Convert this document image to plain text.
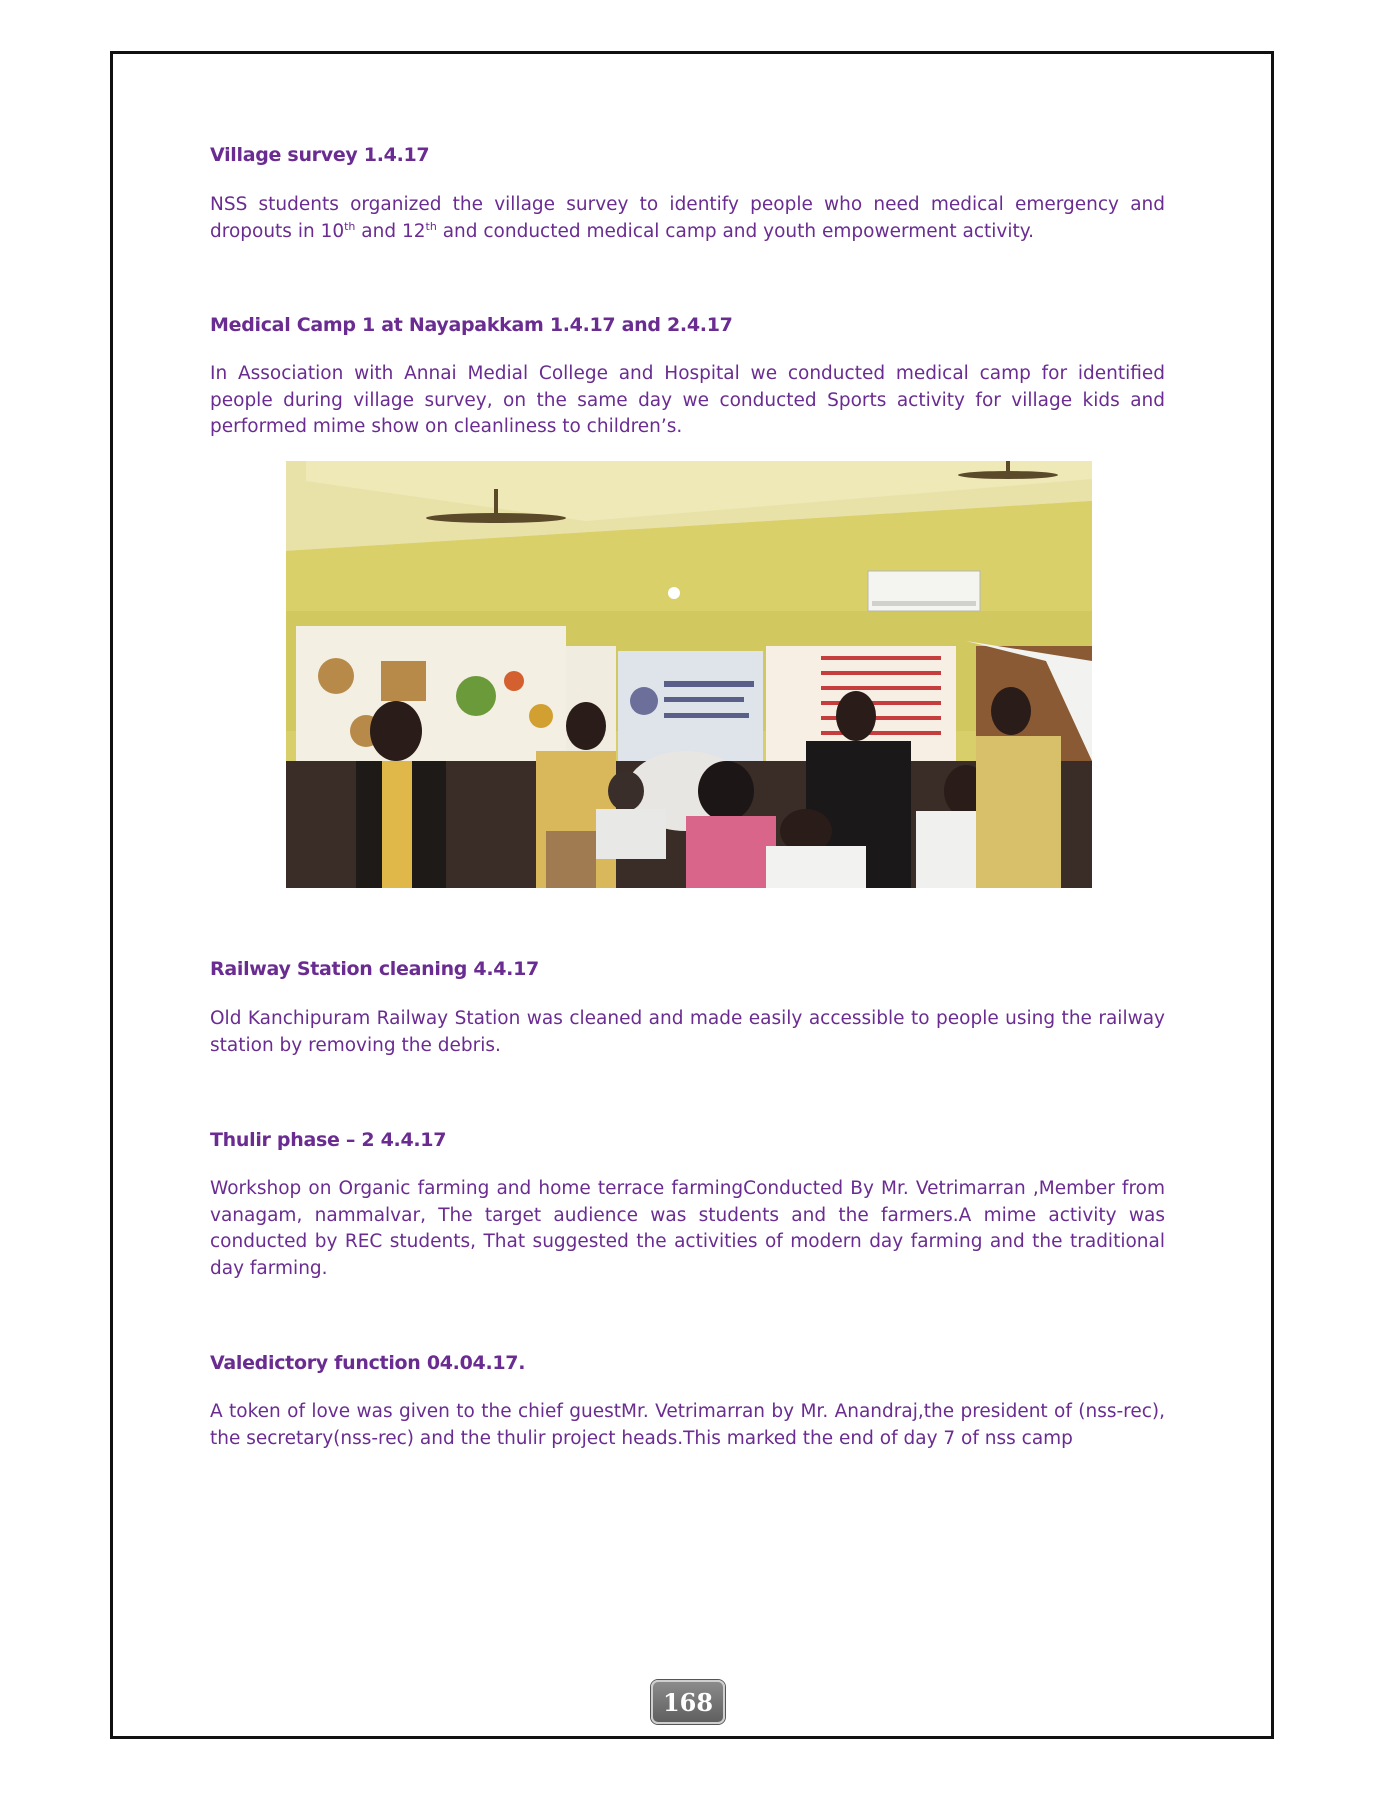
Village survey 1.4.17
NSS students organized the village survey to identify people who need medical emergency and dropouts in 10th and 12th and conducted medical camp and youth empowerment activity.
Medical Camp 1 at Nayapakkam 1.4.17 and 2.4.17
In Association with Annai Medial College and Hospital we conducted medical camp for identified people during village survey, on the same day we conducted Sports activity for village kids and performed mime show on cleanliness to children’s.
Railway Station cleaning 4.4.17
Old Kanchipuram Railway Station was cleaned and made easily accessible to people using the railway station by removing the debris.
Thulir phase – 2 4.4.17
Workshop on Organic farming and home terrace farmingConducted By Mr. Vetrimarran ,Member from vanagam, nammalvar, The target audience was students and the farmers.A mime activity was conducted by REC students, That suggested the activities of modern day farming and the traditional day farming.
Valedictory function 04.04.17.
A token of love was given to the chief guestMr. Vetrimarran by Mr. Anandraj,the president of (nss-rec), the secretary(nss-rec) and the thulir project heads.This marked the end of day 7 of nss camp
168
